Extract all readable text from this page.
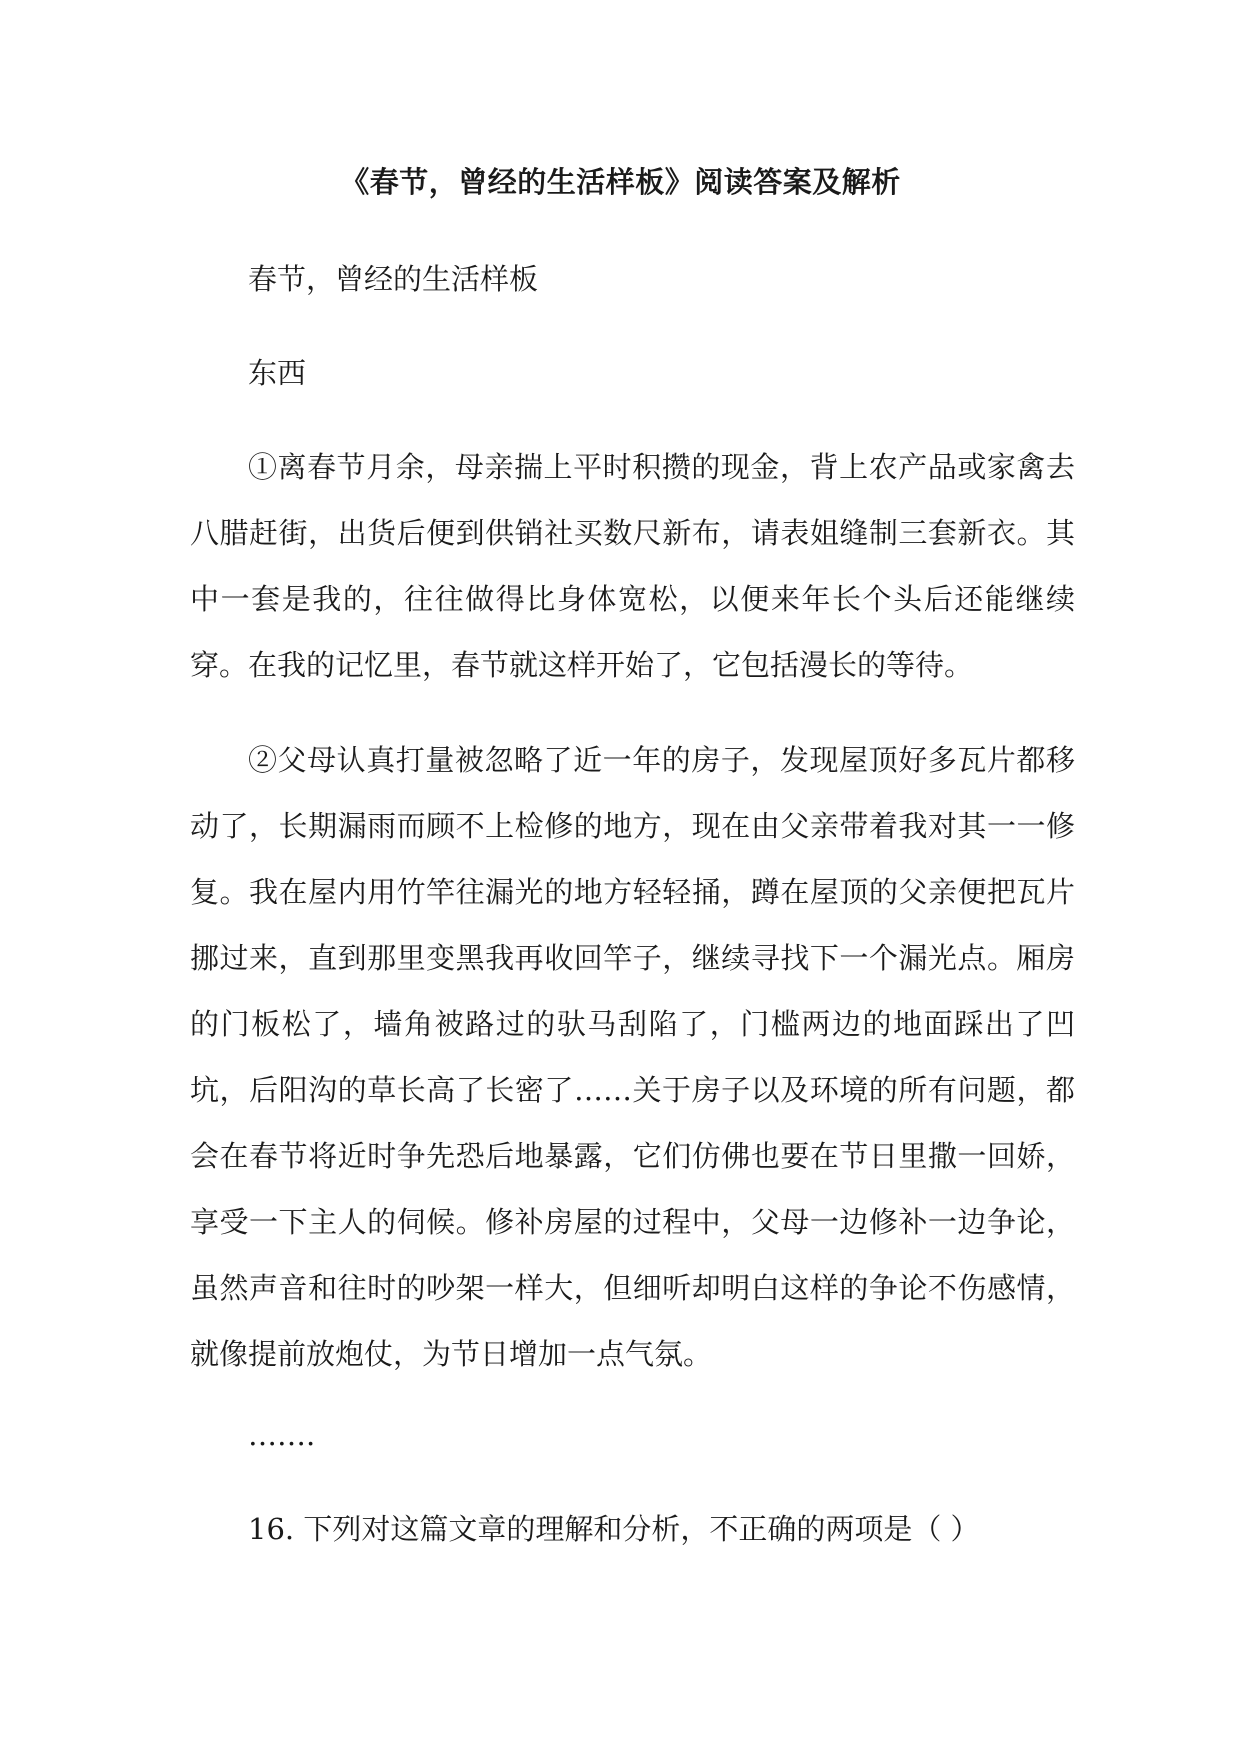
《春节，曾经的生活样板》阅读答案及解析
春节，曾经的生活样板
东西

①离春节月余，母亲揣上平时积攒的现金，背上农产品或家禽去八腊赶街，出货后便到供销社买数尺新布，请表姐缝制三套新衣。其中一套是我的，往往做得比身体宽松，以便来年长个头后还能继续穿。在我的记忆里，春节就这样开始了，它包括漫长的等待。

②父母认真打量被忽略了近一年的房子，发现屋顶好多瓦片都移动了，长期漏雨而顾不上检修的地方，现在由父亲带着我对其一一修复。我在屋内用竹竿往漏光的地方轻轻捅，蹲在屋顶的父亲便把瓦片挪过来，直到那里变黑我再收回竿子，继续寻找下一个漏光点。厢房的门板松了，墙角被路过的驮马刮陷了，门槛两边的地面踩出了凹坑，后阳沟的草长高了长密了……关于房子以及环境的所有问题，都会在春节将近时争先恐后地暴露，它们仿佛也要在节日里撒一回娇，享受一下主人的伺候。修补房屋的过程中，父母一边修补一边争论，虽然声音和往时的吵架一样大，但细听却明白这样的争论不伤感情，就像提前放炮仗，为节日增加一点气氛。

…….
16. 下列对这篇文章的理解和分析，不正确的两项是（ ）
